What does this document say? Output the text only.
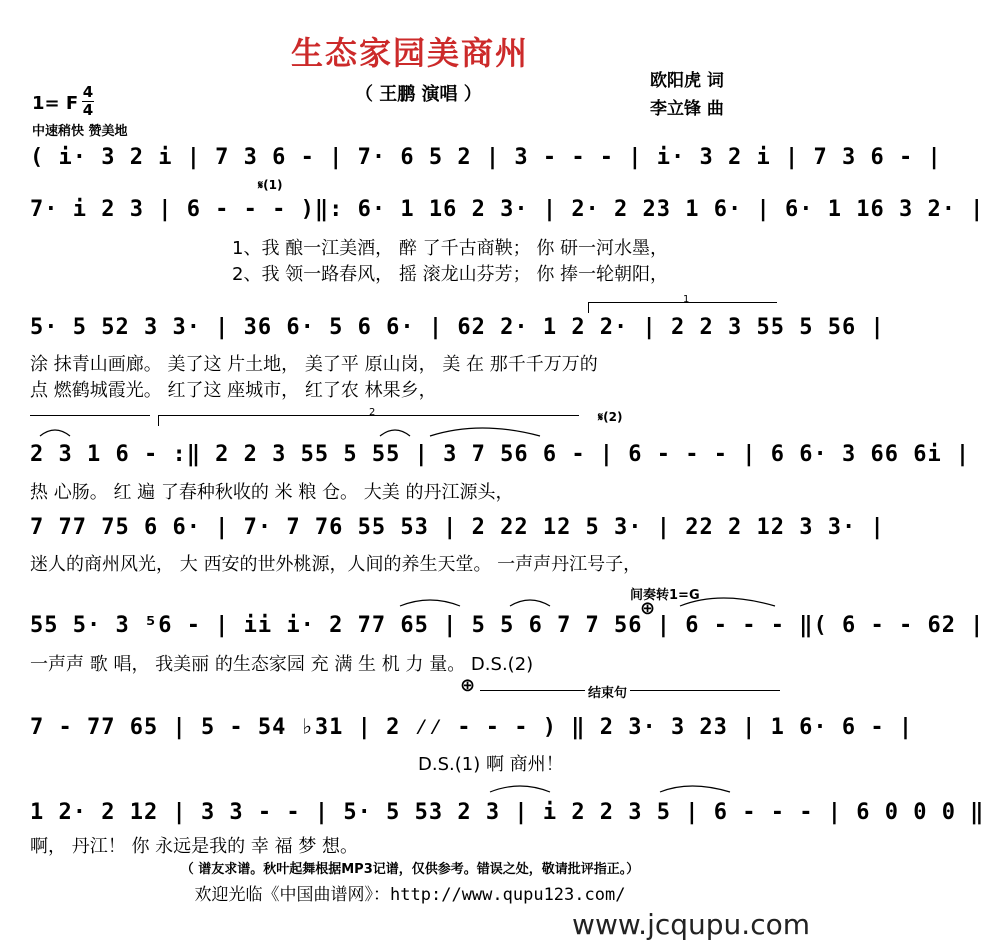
生态家园美商州
（ 王鹏 演唱 ）
欧阳虎 词
李立锋 曲
1= F
4
4
中速稍快 赞美地
( i· 3 2 i | 7 3 6 - | 7· 6 5 2 | 3 - - - | i· 3 2 i | 7 3 6 - |
𝄋(1)
7· i 2 3 | 6 - - - )‖: 6· 1 16 2 3· | 2· 2 23 1 6· | 6· 1 16 3 2· |
1、我 酿一江美酒， 醉 了千古商鞅； 你 研一河水墨，
2、我 领一路春风， 摇 滚龙山芬芳； 你 捧一轮朝阳，
1
5· 5 52 3 3· | 36 6· 5 6 6· | 62 2· 1 2 2· | 2 2 3 55 5 56 |
涂 抹青山画廊。 美了这 片土地， 美了平 原山岗， 美 在 那千千万万的
点 燃鹤城霞光。 红了这 座城市， 红了农 林果乡，
2	𝄋(2)
2 3 1 6 - :‖ 2 2 3 55 5 55 | 3 7 56 6 - | 6 - - - | 6 6· 3 66 6i |
热 心肠。 红 遍 了春种秋收的 米 粮 仓。 大美 的丹江源头，
7 77 75 6 6· | 7· 7 76 55 53 | 2 22 12 5 3· | 22 2 12 3 3· |
迷人的商州风光， 大 西安的世外桃源，人间的养生天堂。 一声声丹江号子，
间奏转1=G
⊕
55 5· 3 ⁵6 - | ii i· 2 77 65 | 5 5 6 7 7 56 | 6 - - - ‖( 6 - - 62 |
一声声 歌 唱， 我美丽 的生态家园 充 满 生 机 力 量。 D.S.(2)
⊕	结束句
7 - 77 65 | 5 - 54 ♭31 | 2 ⁄⁄ - - - ) ‖ 2 3· 3 23 | 1 6· 6 - |
D.S.(1) 啊 商州！
1 2· 2 12 | 3 3 - - | 5· 5 53 2 3 | i 2 2 3 5 | 6 - - - | 6 0 0 0 ‖
啊， 丹江！ 你 永远是我的 幸 福 梦 想。
（ 谱友求谱。秋叶起舞根据MP3记谱，仅供参考。错误之处，敬请批评指正。）
欢迎光临《中国曲谱网》：http://www.qupu123.com/
www.jcqupu.com
